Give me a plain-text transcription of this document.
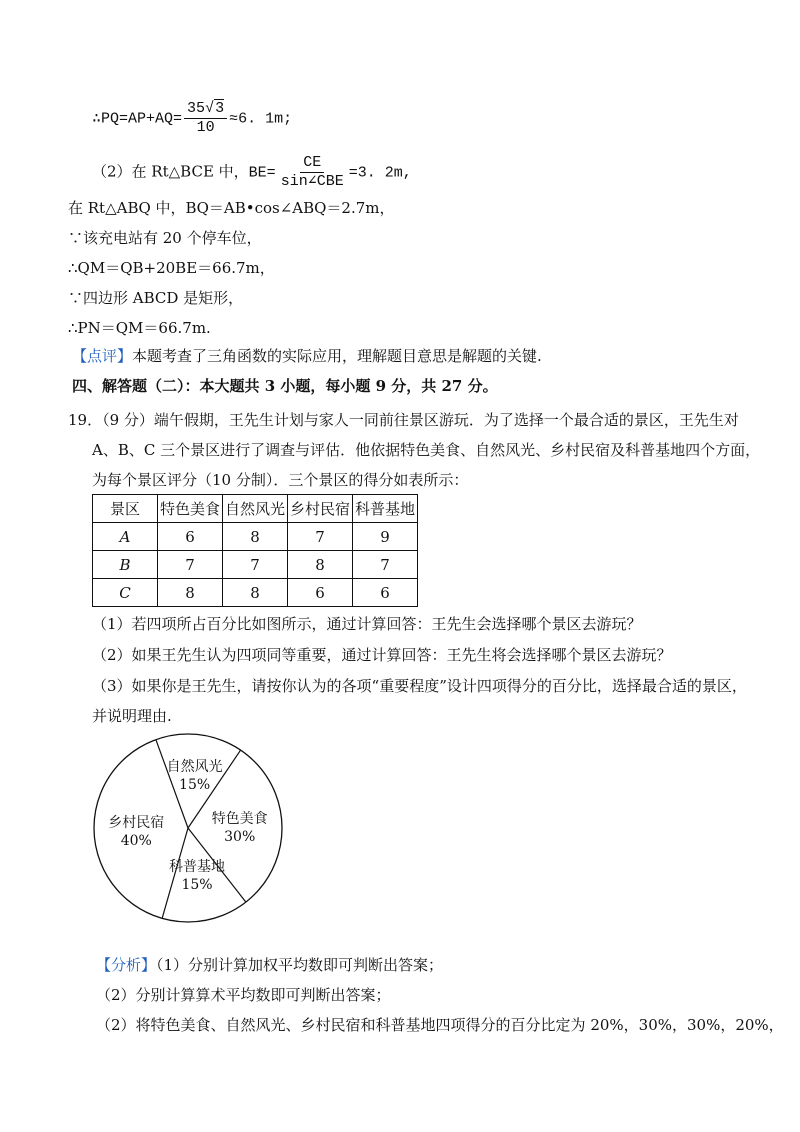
∴PQ=AP+AQ= $\frac{35√3}{10} \approx 6$. 1m;
（2）在 Rt△BCE 中，$BE= \frac{CE}{\text{sin∠CBE}} =3$. 2m,
在 Rt△ABQ 中，BQ＝AB•cos∠ABQ＝2.7m，
∵该充电站有 20 个停车位，
∴QM＝QB+20BE＝66.7m，
∵四边形 ABCD 是矩形，
∴PN＝QM＝66.7m.
【点评】本题考查了三角函数的实际应用，理解题目意思是解题的关键.
四、解答题（二）：本大题共 3 小题，每小题 9 分，共 27 分。
19．（9 分）端午假期，王先生计划与家人一同前往景区游玩．为了选择一个最合适的景区，王先生对
A、B、C 三个景区进行了调查与评估．他依据特色美食、自然风光、乡村民宿及科普基地四个方面，
为每个景区评分（10 分制）．三个景区的得分如表所示：
景区	特色美食	自然风光	乡村民宿	科普基地
A	6	8	7	9
B	7	7	8	7
C	8	8	6	6
（1）若四项所占百分比如图所示，通过计算回答：王先生会选择哪个景区去游玩？
（2）如果王先生认为四项同等重要，通过计算回答：王先生将会选择哪个景区去游玩？
（3）如果你是王先生，请按你认为的各项“重要程度”设计四项得分的百分比，选择最合适的景区，
并说明理由.
特色美食
30%
科普基地
15%
乡村民宿
40%
自然风光
15%
【分析】（1）分别计算加权平均数即可判断出答案；
（2）分别计算算术平均数即可判断出答案；
（2）将特色美食、自然风光、乡村民宿和科普基地四项得分的百分比定为 20%，30%，30%，20%，
